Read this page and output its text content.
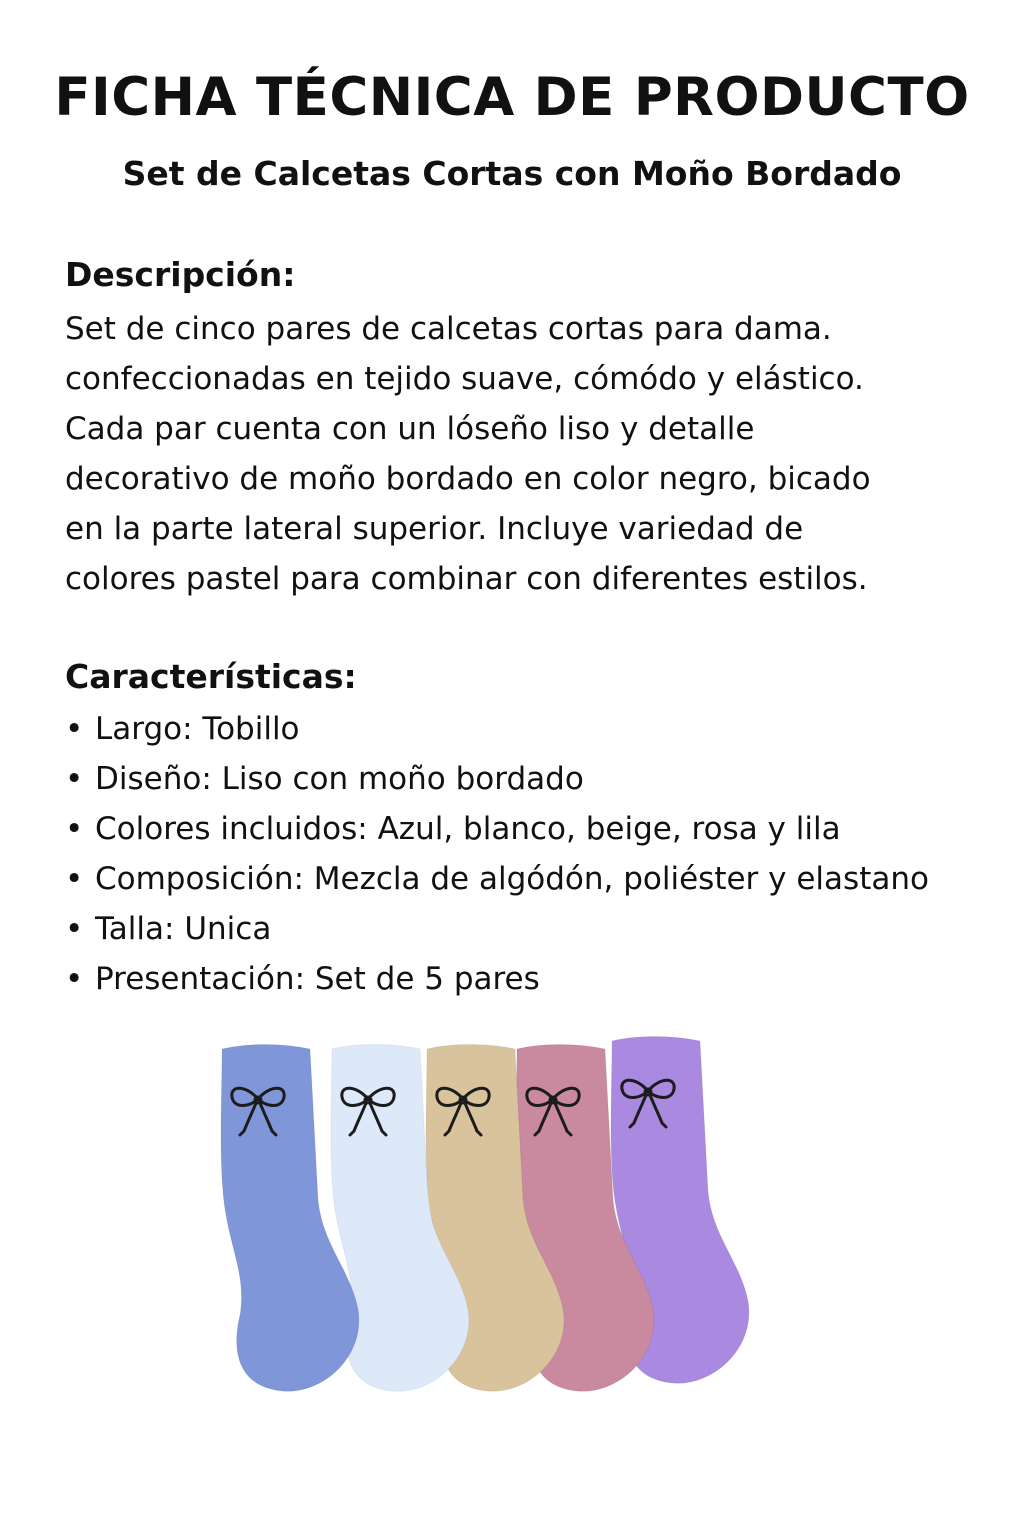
FICHA TÉCNICA DE PRODUCTO
Set de Calcetas Cortas con Moño Bordado
Descripción:

Set de cinco pares de calcetas cortas para dama.
confeccionadas en tejido suave, cómódo y elástico.
Cada par cuenta con un lóseño liso y detalle
decorativo de moño bordado en color negro, bicado
en la parte lateral superior. Incluye variedad de
colores pastel para combinar con diferentes estilos.

Características:
• Largo: Tobillo
• Diseño: Liso con moño bordado
• Colores incluidos: Azul, blanco, beige, rosa y lila
• Composición: Mezcla de algódón, poliéster y elastano
• Talla: Unica
• Presentación: Set de 5 pares
